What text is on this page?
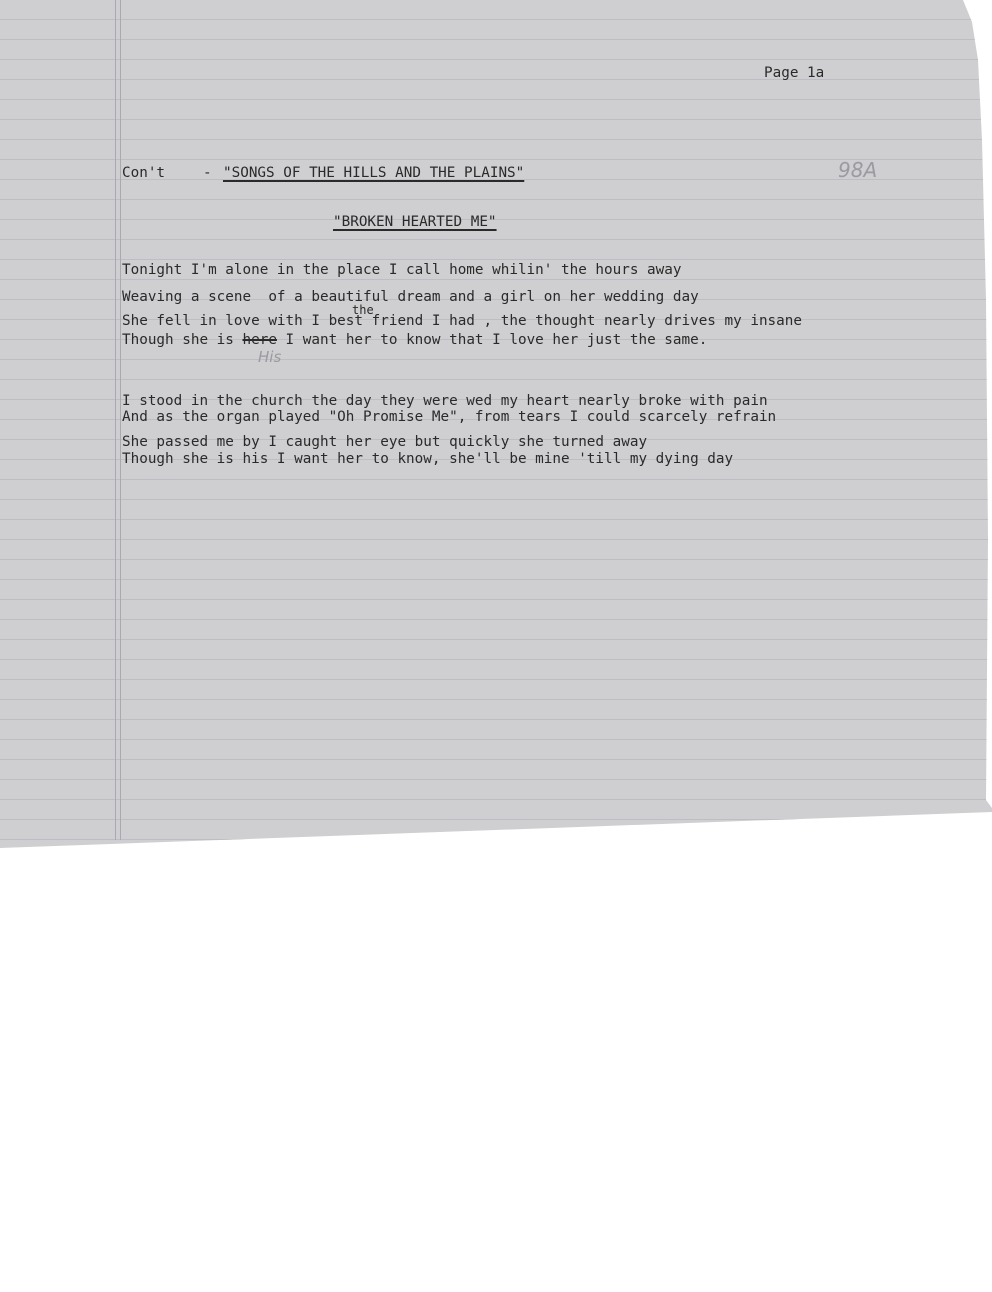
Page 1a
98A
Con't	- "SONGS OF THE HILLS AND THE PLAINS"
"BROKEN HEARTED ME"
Tonight I'm alone in the place I call home whilin' the hours away
Weaving a scene  of a beautiful dream and a girl on her wedding day
the
She fell in love with I best friend I had , the thought nearly drives my insane
Though she is here I want her to know that I love her just the same.
His
I stood in the church the day they were wed my heart nearly broke with pain
And as the organ played "Oh Promise Me", from tears I could scarcely refrain
She passed me by I caught her eye but quickly she turned away
Though she is his I want her to know, she'll be mine 'till my dying day
